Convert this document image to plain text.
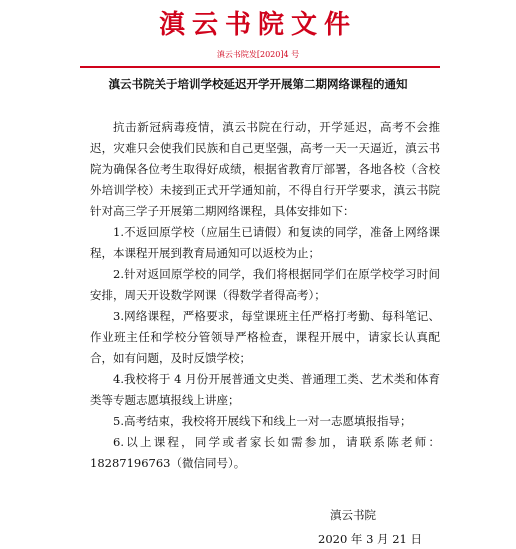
滇云书院文件
滇云书院发[2020]4 号
滇云书院关于培训学校延迟开学开展第二期网络课程的通知

抗击新冠病毒疫情，滇云书院在行动，开学延迟，高考不会推迟，灾难只会使我们民族和自己更坚强，高考一天一天逼近，滇云书院为确保各位考生取得好成绩，根据省教育厅部署，各地各校（含校外培训学校）未接到正式开学通知前，不得自行开学要求，滇云书院针对高三学子开展第二期网络课程，具体安排如下：

1.不返回原学校（应届生已请假）和复读的同学，准备上网络课程，本课程开展到教育局通知可以返校为止；

2.针对返回原学校的同学，我们将根据同学们在原学校学习时间安排，周天开设数学网课（得数学者得高考）；

3.网络课程，严格要求，每堂课班主任严格打考勤、每科笔记、作业班主任和学校分管领导严格检查，课程开展中，请家长认真配合，如有问题，及时反馈学校；

4.我校将于 4 月份开展普通文史类、普通理工类、艺术类和体育类等专题志愿填报线上讲座；

5.高考结束，我校将开展线下和线上一对一志愿填报指导；

6.以上课程，同学或者家长如需参加，请联系陈老师：18287196763（微信同号）。

滇云书院
2020 年 3 月 21 日
